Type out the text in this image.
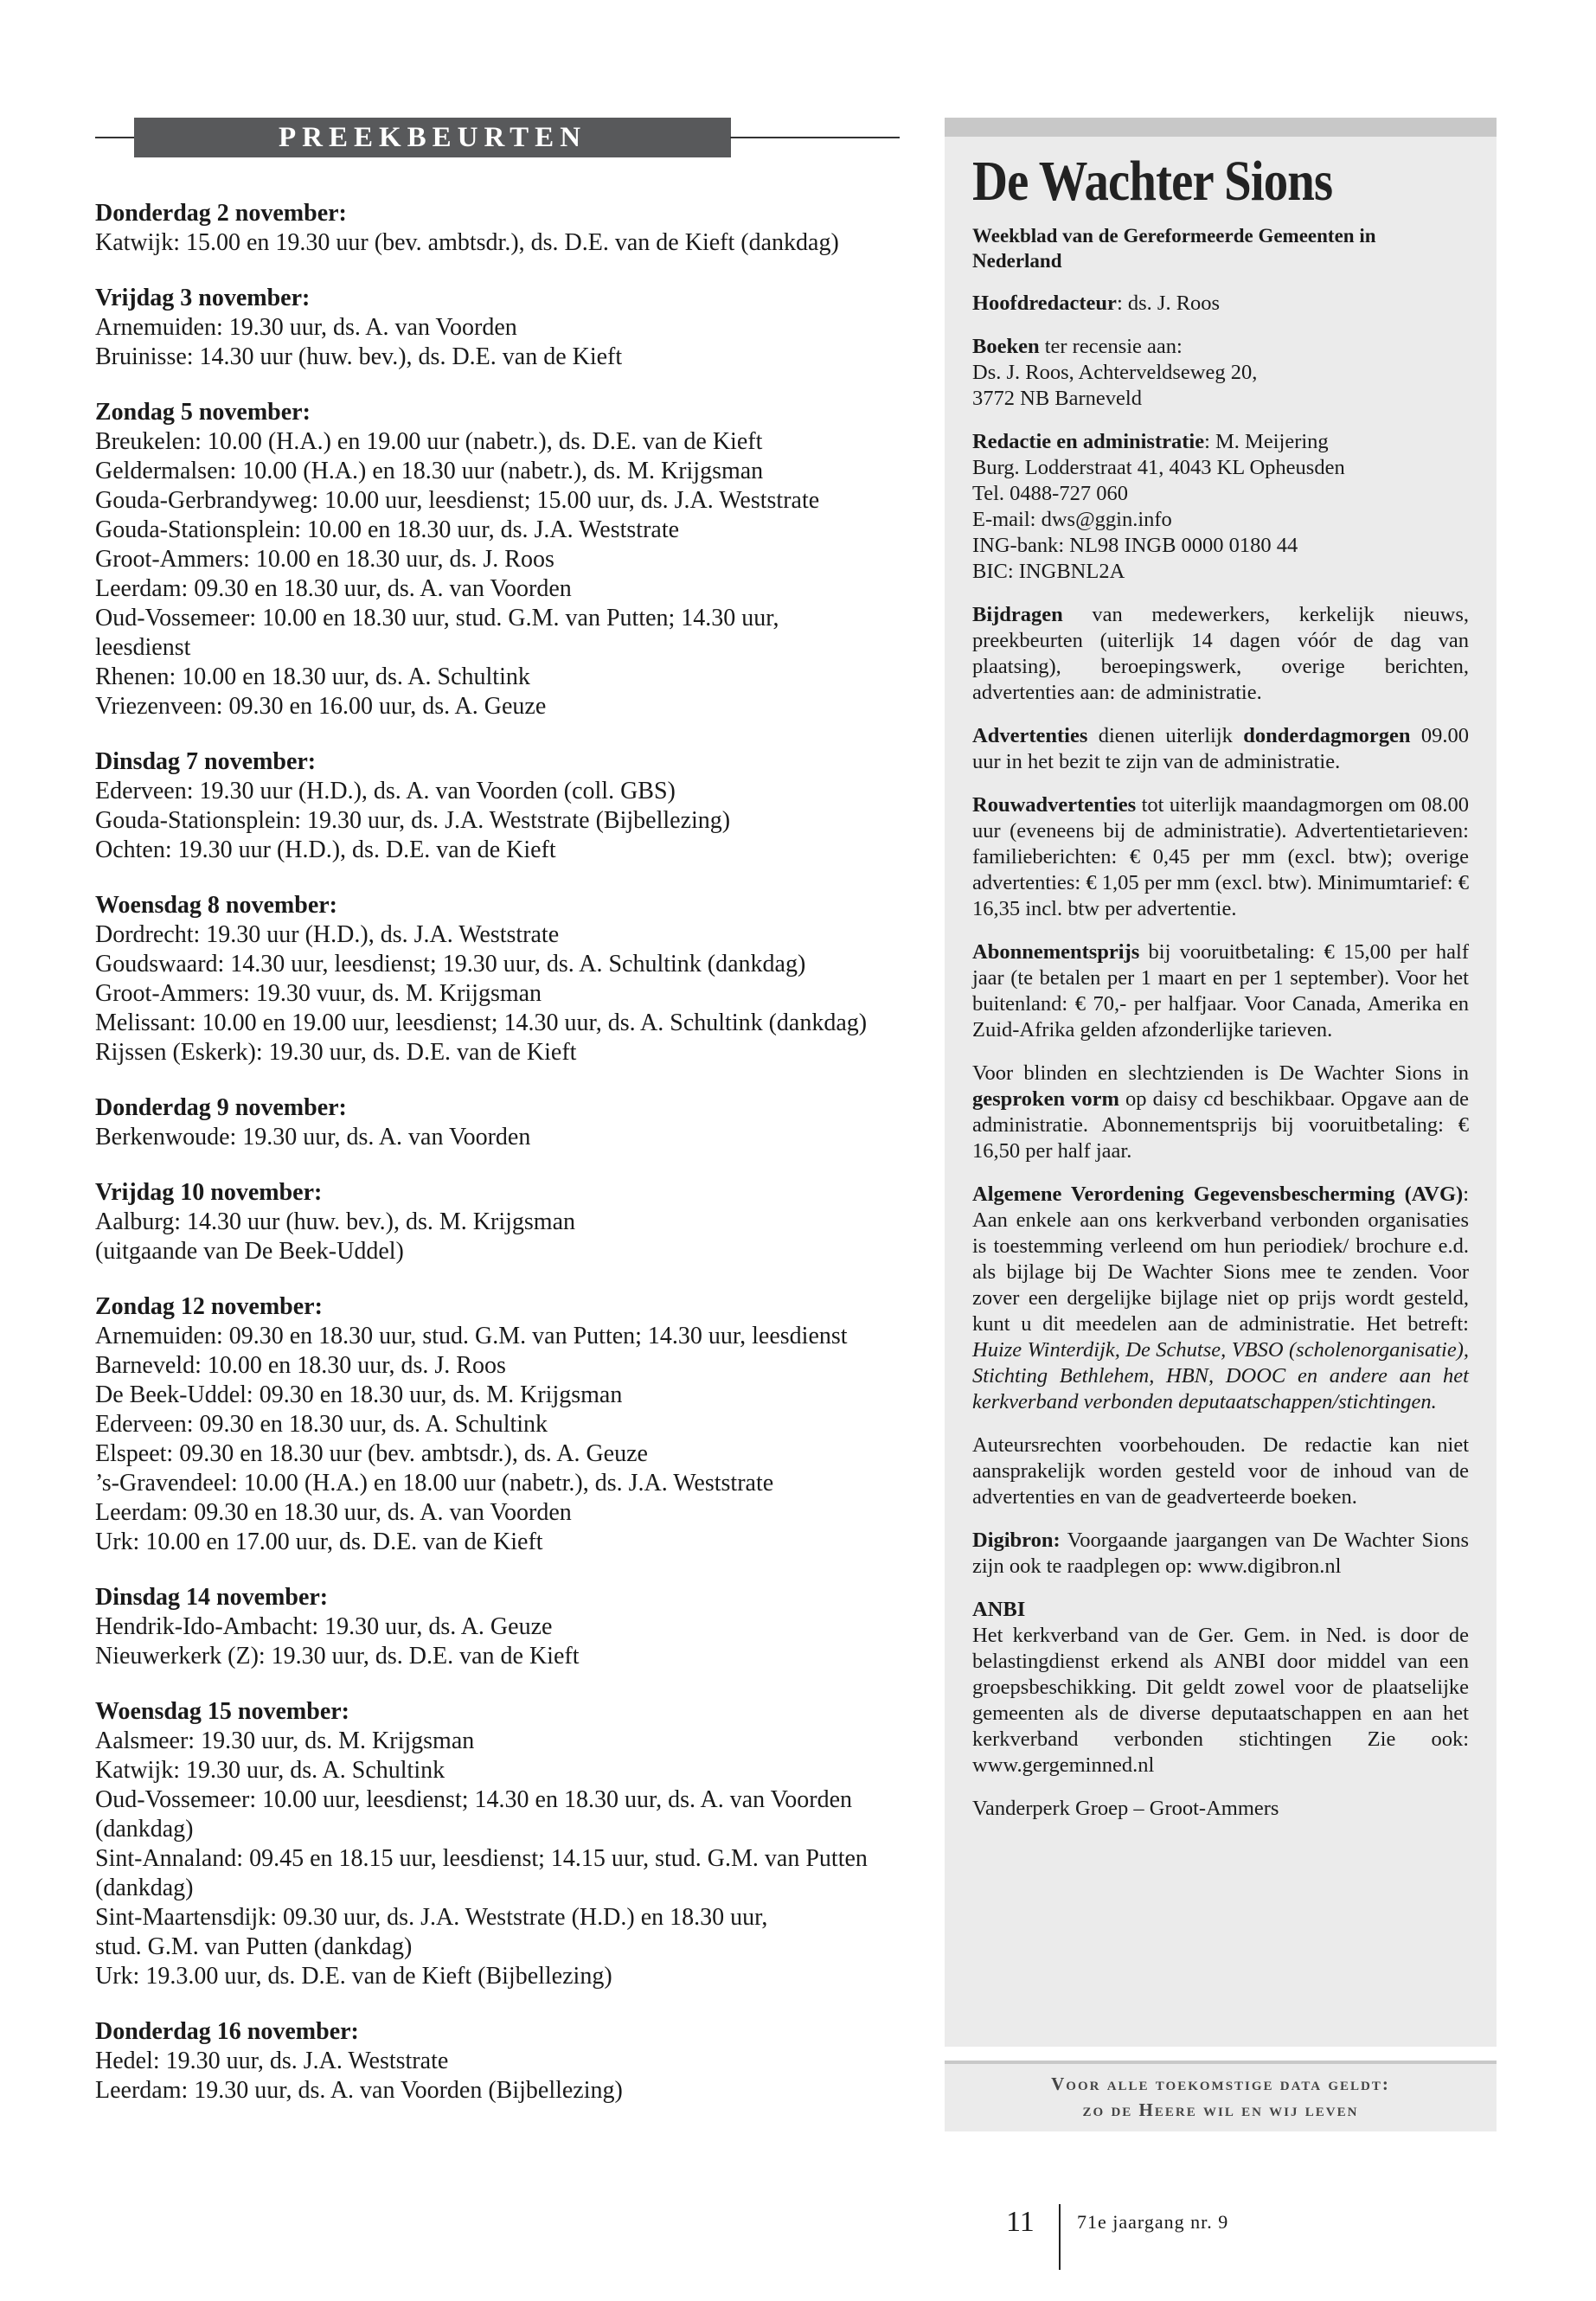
PREEKBEURTEN
Donderdag 2 november:
Katwijk: 15.00 en 19.30 uur (bev. ambtsdr.), ds. D.E. van de Kieft (dankdag)
Vrijdag 3 november:
Arnemuiden: 19.30 uur, ds. A. van Voorden
Bruinisse: 14.30 uur (huw. bev.), ds. D.E. van de Kieft
Zondag 5 november:
Breukelen: 10.00 (H.A.) en 19.00 uur (nabetr.), ds. D.E. van de Kieft
Geldermalsen: 10.00 (H.A.) en 18.30 uur (nabetr.), ds. M. Krijgsman
Gouda-Gerbrandyweg: 10.00 uur, leesdienst; 15.00 uur, ds. J.A. Weststrate
Gouda-Stationsplein: 10.00 en 18.30 uur, ds. J.A. Weststrate
Groot-Ammers: 10.00 en 18.30 uur, ds. J. Roos
Leerdam: 09.30 en 18.30 uur, ds. A. van Voorden
Oud-Vossemeer: 10.00 en 18.30 uur, stud. G.M. van Putten; 14.30 uur,
leesdienst
Rhenen: 10.00 en 18.30 uur, ds. A. Schultink
Vriezenveen: 09.30 en 16.00 uur, ds. A. Geuze
Dinsdag 7 november:
Ederveen: 19.30 uur (H.D.), ds. A. van Voorden (coll. GBS)
Gouda-Stationsplein: 19.30 uur, ds. J.A. Weststrate (Bijbellezing)
Ochten: 19.30 uur (H.D.), ds. D.E. van de Kieft
Woensdag 8 november:
Dordrecht: 19.30 uur (H.D.), ds. J.A. Weststrate
Goudswaard: 14.30 uur, leesdienst; 19.30 uur, ds. A. Schultink (dankdag)
Groot-Ammers: 19.30 vuur, ds. M. Krijgsman
Melissant: 10.00 en 19.00 uur, leesdienst; 14.30 uur, ds. A. Schultink (dankdag)
Rijssen (Eskerk): 19.30 uur, ds. D.E. van de Kieft
Donderdag 9 november:
Berkenwoude: 19.30 uur, ds. A. van Voorden
Vrijdag 10 november:
Aalburg: 14.30 uur (huw. bev.), ds. M. Krijgsman
(uitgaande van De Beek-Uddel)
Zondag 12 november:
Arnemuiden: 09.30 en 18.30 uur, stud. G.M. van Putten; 14.30 uur, leesdienst
Barneveld: 10.00 en 18.30 uur, ds. J. Roos
De Beek-Uddel: 09.30 en 18.30 uur, ds. M. Krijgsman
Ederveen: 09.30 en 18.30 uur, ds. A. Schultink
Elspeet: 09.30 en 18.30 uur (bev. ambtsdr.), ds. A. Geuze
’s-Gravendeel: 10.00 (H.A.) en 18.00 uur (nabetr.), ds. J.A. Weststrate
Leerdam: 09.30 en 18.30 uur, ds. A. van Voorden
Urk: 10.00 en 17.00 uur, ds. D.E. van de Kieft
Dinsdag 14 november:
Hendrik-Ido-Ambacht: 19.30 uur, ds. A. Geuze
Nieuwerkerk (Z): 19.30 uur, ds. D.E. van de Kieft
Woensdag 15 november:
Aalsmeer: 19.30 uur, ds. M. Krijgsman
Katwijk: 19.30 uur, ds. A. Schultink
Oud-Vossemeer: 10.00 uur, leesdienst; 14.30 en 18.30 uur, ds. A. van Voorden
(dankdag)
Sint-Annaland: 09.45 en 18.15 uur, leesdienst; 14.15 uur, stud. G.M. van Putten
(dankdag)
Sint-Maartensdijk: 09.30 uur, ds. J.A. Weststrate (H.D.) en 18.30 uur,
stud. G.M. van Putten (dankdag)
Urk: 19.3.00 uur, ds. D.E. van de Kieft (Bijbellezing)
Donderdag 16 november:
Hedel: 19.30 uur, ds. J.A. Weststrate
Leerdam: 19.30 uur, ds. A. van Voorden (Bijbellezing)
De Wachter Sions
Weekblad van de Gereformeerde Gemeenten in Nederland
Hoofdredacteur: ds. J. Roos
Boeken ter recensie aan:
Ds. J. Roos, Achterveldseweg 20,
3772 NB Barneveld
Redactie en administratie: M. Meijering
Burg. Lodderstraat 41, 4043 KL Opheusden
Tel. 0488-727 060
E-mail: dws@ggin.info
ING-bank: NL98 INGB 0000 0180 44
BIC: INGBNL2A
Bijdragen van medewerkers, kerkelijk nieuws, preekbeurten (uiterlijk 14 dagen vóór de dag van plaatsing), beroepingswerk, overige berichten, advertenties aan: de administratie.
Advertenties dienen uiterlijk donderdagmorgen 09.00 uur in het bezit te zijn van de administratie.
Rouwadvertenties tot uiterlijk maandagmorgen om 08.00 uur (eveneens bij de administratie). Advertentietarieven: familieberichten: € 0,45 per mm (excl. btw); overige advertenties: € 1,05 per mm (excl. btw). Minimumtarief: € 16,35 incl. btw per advertentie.
Abonnementsprijs bij vooruitbetaling: € 15,00 per half jaar (te betalen per 1 maart en per 1 september). Voor het buitenland: € 70,- per halfjaar. Voor Canada, Amerika en Zuid-Afrika gelden afzonderlijke tarieven.
Voor blinden en slechtzienden is De Wachter Sions in gesproken vorm op daisy cd beschikbaar. Opgave aan de administratie. Abonnementsprijs bij vooruitbetaling: € 16,50 per half jaar.
Algemene Verordening Gegevensbescherming (AVG): Aan enkele aan ons kerkverband verbonden organisaties is toestemming verleend om hun periodiek/ brochure e.d. als bijlage bij De Wachter Sions mee te zenden. Voor zover een dergelijke bijlage niet op prijs wordt gesteld, kunt u dit meedelen aan de administratie. Het betreft: Huize Winterdijk, De Schutse, VBSO (scholenorganisatie), Stichting Bethlehem, HBN, DOOC en andere aan het kerkverband verbonden deputaatschappen/stichtingen.
Auteursrechten voorbehouden. De redactie kan niet aansprakelijk worden gesteld voor de inhoud van de advertenties en van de geadverteerde boeken.
Digibron: Voorgaande jaargangen van De Wachter Sions zijn ook te raadplegen op: www.digibron.nl
ANBI
Het kerkverband van de Ger. Gem. in Ned. is door de belastingdienst erkend als ANBI door middel van een groepsbeschikking. Dit geldt zowel voor de plaatselijke gemeenten als de diverse deputaatschappen en aan het kerkverband verbonden stichtingen Zie ook: www.gergeminned.nl
Vanderperk Groep – Groot-Ammers
Voor alle toekomstige data geldt:
zo de Heere wil en wij leven
11 71e jaargang nr. 9
